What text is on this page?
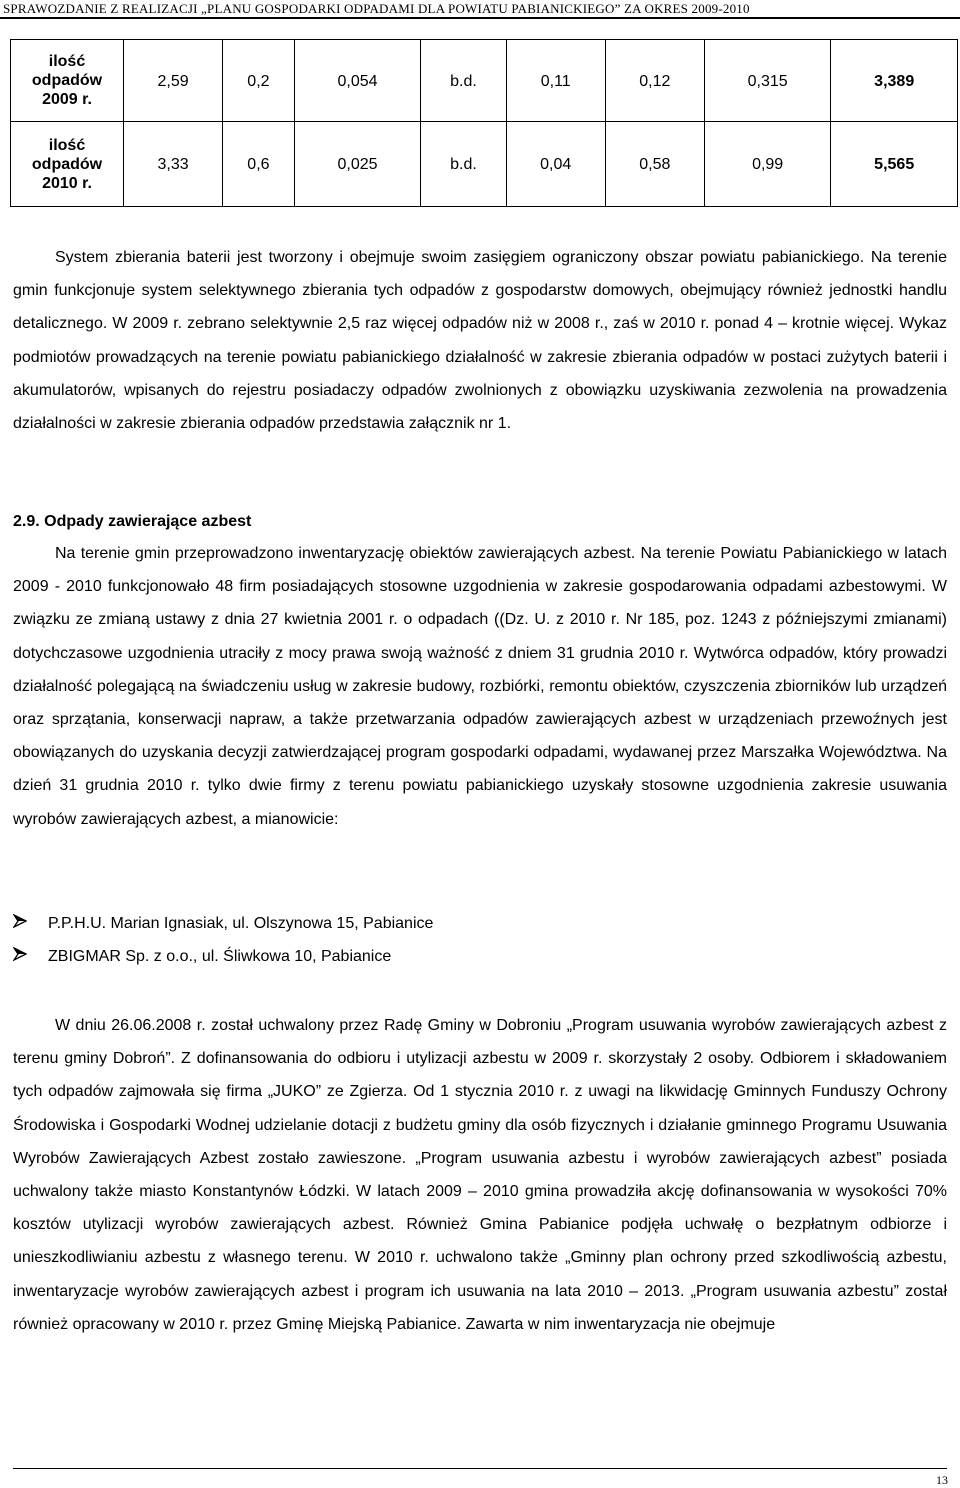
SPRAWOZDANIE Z REALIZACJI „PLANU GOSPODARKI ODPADAMI DLA POWIATU PABIANICKIEGO” ZA OKRES 2009-2010
ilość
odpadów
2009 r.	2,59	0,2	0,054	b.d.	0,11	0,12	0,315	3,389
ilość
odpadów
2010 r.	3,33	0,6	0,025	b.d.	0,04	0,58	0,99	5,565

System zbierania baterii jest tworzony i obejmuje swoim zasięgiem ograniczony obszar powiatu pabianickiego. Na terenie gmin funkcjonuje system selektywnego zbierania tych odpadów z gospodarstw domowych, obejmujący również jednostki handlu detalicznego. W 2009 r. zebrano selektywnie 2,5 raz więcej odpadów niż w 2008 r., zaś w 2010 r. ponad 4 – krotnie więcej. Wykaz podmiotów prowadzących na terenie powiatu pabianickiego działalność w zakresie zbierania odpadów w postaci zużytych baterii i akumulatorów, wpisanych do rejestru posiadaczy odpadów zwolnionych z obowiązku uzyskiwania zezwolenia na prowadzenia działalności w zakresie zbierania odpadów przedstawia załącznik nr 1.

2.9. Odpady zawierające azbest

Na terenie gmin przeprowadzono inwentaryzację obiektów zawierających azbest. Na terenie Powiatu Pabianickiego w latach 2009 - 2010 funkcjonowało 48 firm posiadających stosowne uzgodnienia w zakresie gospodarowania odpadami azbestowymi. W związku ze zmianą ustawy z dnia 27 kwietnia 2001 r. o odpadach ((Dz. U. z 2010 r. Nr 185, poz. 1243 z późniejszymi zmianami) dotychczasowe uzgodnienia utraciły z mocy prawa swoją ważność z dniem 31 grudnia 2010 r. Wytwórca odpadów, który prowadzi działalność polegającą na świadczeniu usług w zakresie budowy, rozbiórki, remontu obiektów, czyszczenia zbiorników lub urządzeń oraz sprzątania, konserwacji napraw, a także przetwarzania odpadów zawierających azbest w urządzeniach przewoźnych jest obowiązanych do uzyskania decyzji zatwierdzającej program gospodarki odpadami, wydawanej przez Marszałka Województwa. Na dzień 31 grudnia 2010 r. tylko dwie firmy z terenu powiatu pabianickiego uzyskały stosowne uzgodnienia zakresie usuwania wyrobów zawierających azbest, a mianowicie:

P.P.H.U. Marian Ignasiak, ul. Olszynowa 15, Pabianice
ZBIGMAR Sp. z o.o., ul. Śliwkowa 10, Pabianice

W dniu 26.06.2008 r. został uchwalony przez Radę Gminy w Dobroniu „Program usuwania wyrobów zawierających azbest z terenu gminy Dobroń”. Z dofinansowania do odbioru i utylizacji azbestu w 2009 r. skorzystały 2 osoby. Odbiorem i składowaniem tych odpadów zajmowała się firma „JUKO” ze Zgierza. Od 1 stycznia 2010 r. z uwagi na likwidację Gminnych Funduszy Ochrony Środowiska i Gospodarki Wodnej udzielanie dotacji z budżetu gminy dla osób fizycznych i działanie gminnego Programu Usuwania Wyrobów Zawierających Azbest zostało zawieszone. „Program usuwania azbestu i wyrobów zawierających azbest” posiada uchwalony także miasto Konstantynów Łódzki. W latach 2009 – 2010 gmina prowadziła akcję dofinansowania w wysokości 70% kosztów utylizacji wyrobów zawierających azbest. Również Gmina Pabianice podjęła uchwałę o bezpłatnym odbiorze i unieszkodliwianiu azbestu z własnego terenu. W 2010 r. uchwalono także „Gminny plan ochrony przed szkodliwością azbestu, inwentaryzacje wyrobów zawierających azbest i program ich usuwania na lata 2010 – 2013. „Program usuwania azbestu” został również opracowany w 2010 r. przez Gminę Miejską Pabianice. Zawarta w nim inwentaryzacja nie obejmuje

13
